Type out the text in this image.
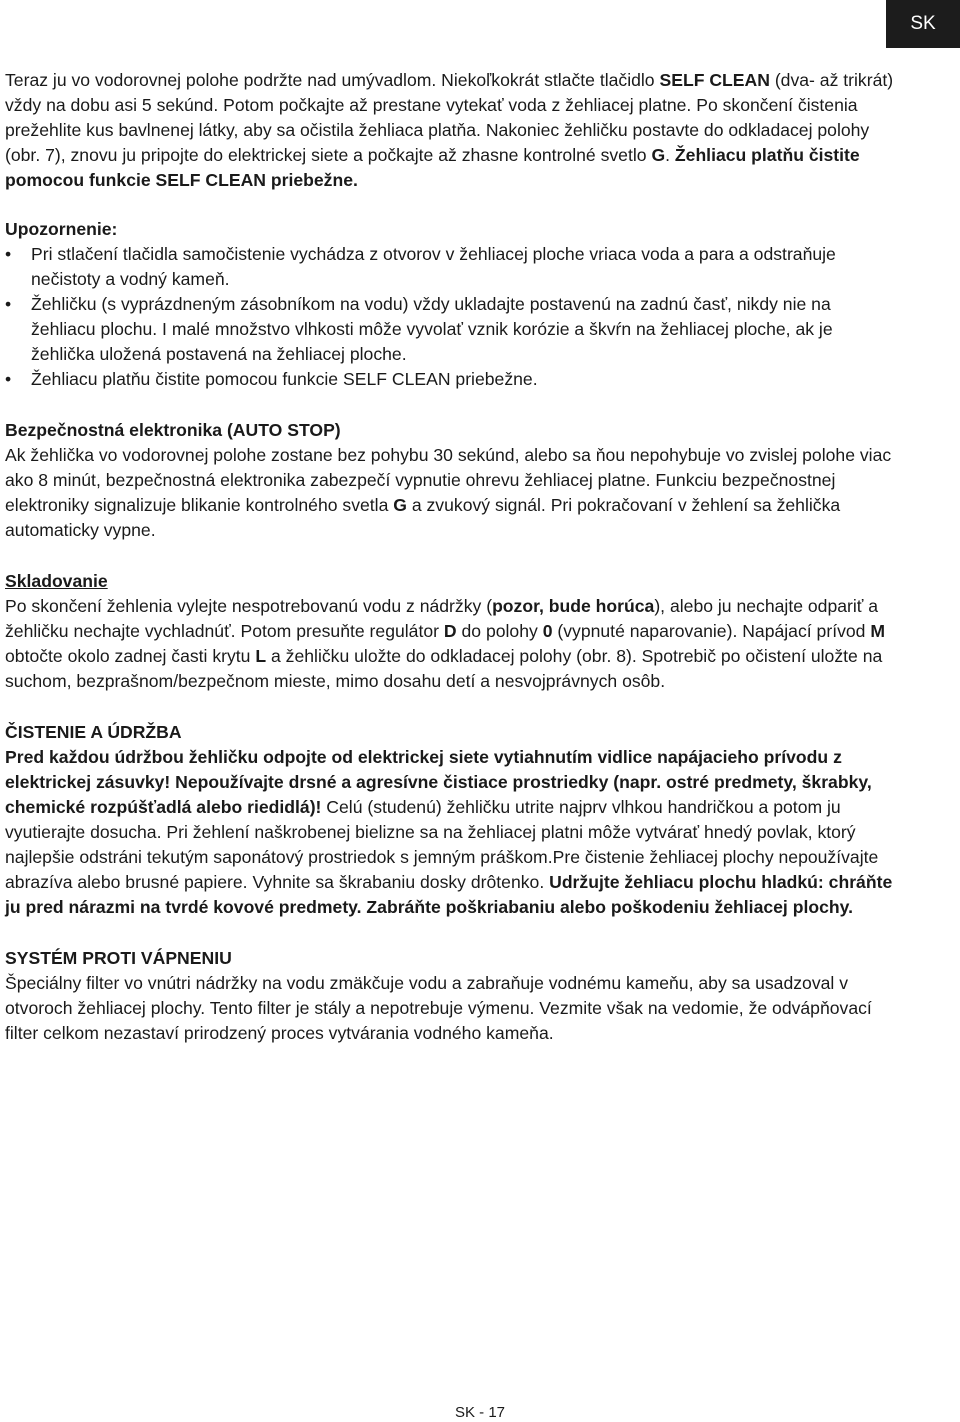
SK

Teraz ju vo vodorovnej polohe podržte nad umývadlom. Niekoľkokrát stlačte tlačidlo SELF CLEAN (dva- až trikrát) vždy na dobu asi 5 sekúnd. Potom počkajte až prestane vytekať voda z žehliacej platne. Po skončení čistenia prežehlite kus bavlnenej látky, aby sa očistila žehliaca platňa. Nakoniec žehličku postavte do odkladacej polohy (obr. 7), znovu ju pripojte do elektrickej siete a počkajte až zhasne kontrolné svetlo G. Žehliacu platňu čistite pomocou funkcie SELF CLEAN priebežne.

Upozornenie:

• Pri stlačení tlačidla samočistenie vychádza z otvorov v žehliacej ploche vriaca voda a para a odstraňuje nečistoty a vodný kameň.
• Žehličku (s vyprázdneným zásobníkom na vodu) vždy ukladajte postavenú na zadnú časť, nikdy nie na žehliacu plochu. I malé množstvo vlhkosti môže vyvolať vznik korózie a škvŕn na žehliacej ploche, ak je žehlička uložená postavená na žehliacej ploche.
• Žehliacu platňu čistite pomocou funkcie SELF CLEAN priebežne.

Bezpečnostná elektronika (AUTO STOP)

Ak žehlička vo vodorovnej polohe zostane bez pohybu 30 sekúnd, alebo sa ňou nepohybuje vo zvislej polohe viac ako 8 minút, bezpečnostná elektronika zabezpečí vypnutie ohrevu žehliacej platne. Funkciu bezpečnostnej elektroniky signalizuje blikanie kontrolného svetla G a zvukový signál. Pri pokračovaní v žehlení sa žehlička automaticky vypne.

Skladovanie

Po skončení žehlenia vylejte nespotrebovanú vodu z nádržky (pozor, bude horúca), alebo ju nechajte odpariť a žehličku nechajte vychladnúť. Potom presuňte regulátor D do polohy 0 (vypnuté naparovanie). Napájací prívod M obtočte okolo zadnej časti krytu L a žehličku uložte do odkladacej polohy (obr. 8). Spotrebič po očistení uložte na suchom, bezprašnom/bezpečnom mieste, mimo dosahu detí a nesvojprávnych osôb.

ČISTENIE A ÚDRŽBA

Pred každou údržbou žehličku odpojte od elektrickej siete vytiahnutím vidlice napájacieho prívodu z elektrickej zásuvky! Nepoužívajte drsné a agresívne čistiace prostriedky (napr. ostré predmety, škrabky, chemické rozpúšťadlá alebo riedidlá)! Celú (studenú) žehličku utrite najprv vlhkou handričkou a potom ju vyutierajte dosucha. Pri žehlení naškrobenej bielizne sa na žehliacej platni môže vytvárať hnedý povlak, ktorý najlepšie odstráni tekutým saponátový prostriedok s jemným práškom.Pre čistenie žehliacej plochy nepoužívajte abrazíva alebo brusné papiere. Vyhnite sa škrabaniu dosky drôtenko. Udržujte žehliacu plochu hladkú: chráňte ju pred nárazmi na tvrdé kovové predmety. Zabráňte poškriabaniu alebo poškodeniu žehliacej plochy.

SYSTÉM PROTI VÁPNENIU

Špeciálny filter vo vnútri nádržky na vodu zmäkčuje vodu a zabraňuje vodnému kameňu, aby sa usadzoval v otvoroch žehliacej plochy. Tento filter je stály a nepotrebuje výmenu. Vezmite však na vedomie, že odvápňovací filter celkom nezastaví prirodzený proces vytvárania vodného kameňa.

SK - 17
